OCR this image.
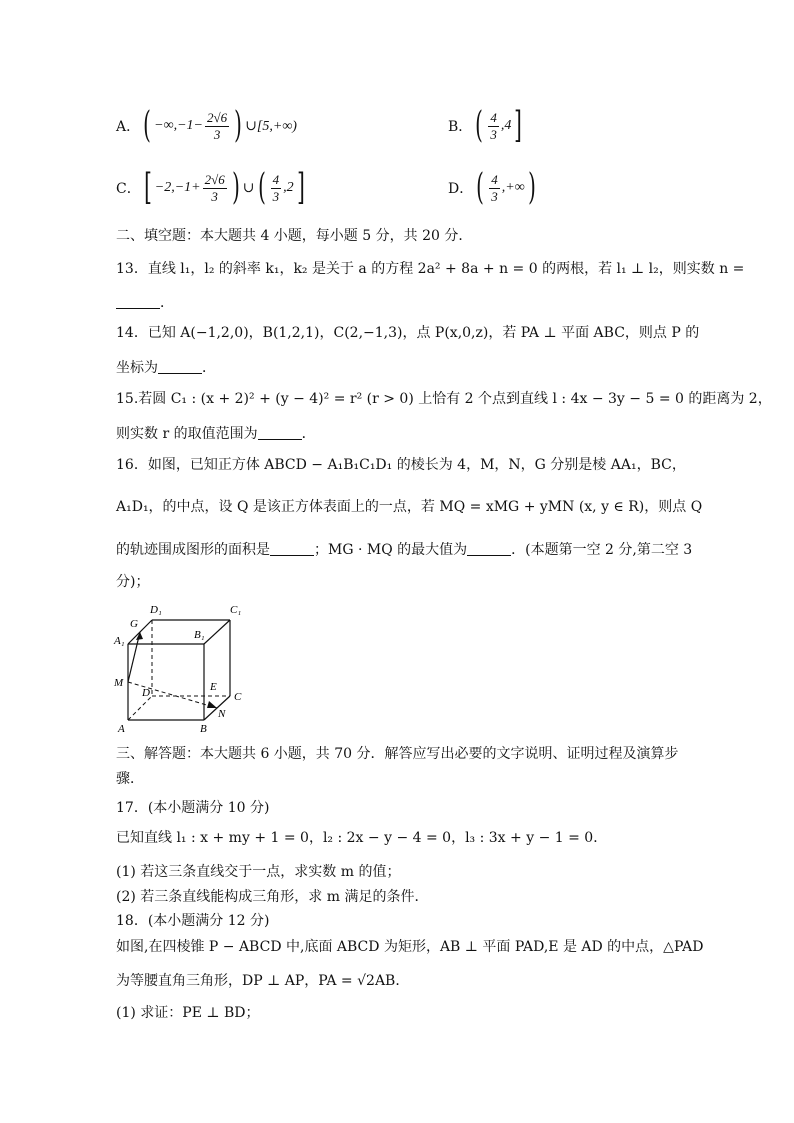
A． ( $-\infty,-1- \frac{2√6}{3}$ ) ∪[5,+∞)	B． ( $\frac{4}{3} ,4$ ]
C． [ $-2,-1+ \frac{2√6}{3}$ ) ∪ ( $\frac{4}{3} ,2$ ]	D． ( $\frac{4}{3}$ ,+∞ )
二、填空题：本大题共 4 小题，每小题 5 分，共 20 分．
13．直线 l₁，l₂ 的斜率 k₁，k₂ 是关于 a 的方程 2a² + 8a + n = 0 的两根，若 l₁ ⊥ l₂，则实数 n =
．
14．已知 A(−1,2,0)，B(1,2,1)，C(2,−1,3)，点 P(x,0,z)，若 PA ⊥ 平面 ABC，则点 P 的
坐标为	．
15.若圆 C₁ : (x + 2)² + (y − 4)² = r² (r > 0) 上恰有 2 个点到直线 l : 4x − 3y − 5 = 0 的距离为 2，
则实数 r 的取值范围为	．
16．如图，已知正方体 ABCD − A₁B₁C₁D₁ 的棱长为 4，M，N，G 分别是棱 AA₁，BC，
A₁D₁，的中点，设 Q 是该正方体表面上的一点，若 MQ = xMG + yMN (x, y ∈ R)，则点 Q
的轨迹围成图形的面积是	；MG · MQ 的最大值为	．(本题第一空 2 分,第二空 3
分)；
D₁	C₁
A₁	B₁
G
M
D	E
C
N
A	B
三、解答题：本大题共 6 小题，共 70 分．解答应写出必要的文字说明、证明过程及演算步
骤．
17．(本小题满分 10 分)
已知直线 l₁ : x + my + 1 = 0，l₂ : 2x − y − 4 = 0，l₃ : 3x + y − 1 = 0．
(1) 若这三条直线交于一点，求实数 m 的值；
(2) 若三条直线能构成三角形，求 m 满足的条件．
18．(本小题满分 12 分)
如图,在四棱锥 P − ABCD 中,底面 ABCD 为矩形，AB ⊥ 平面 PAD,E 是 AD 的中点，△PAD
为等腰直角三角形，DP ⊥ AP，PA = √2AB．
(1) 求证：PE ⊥ BD；
